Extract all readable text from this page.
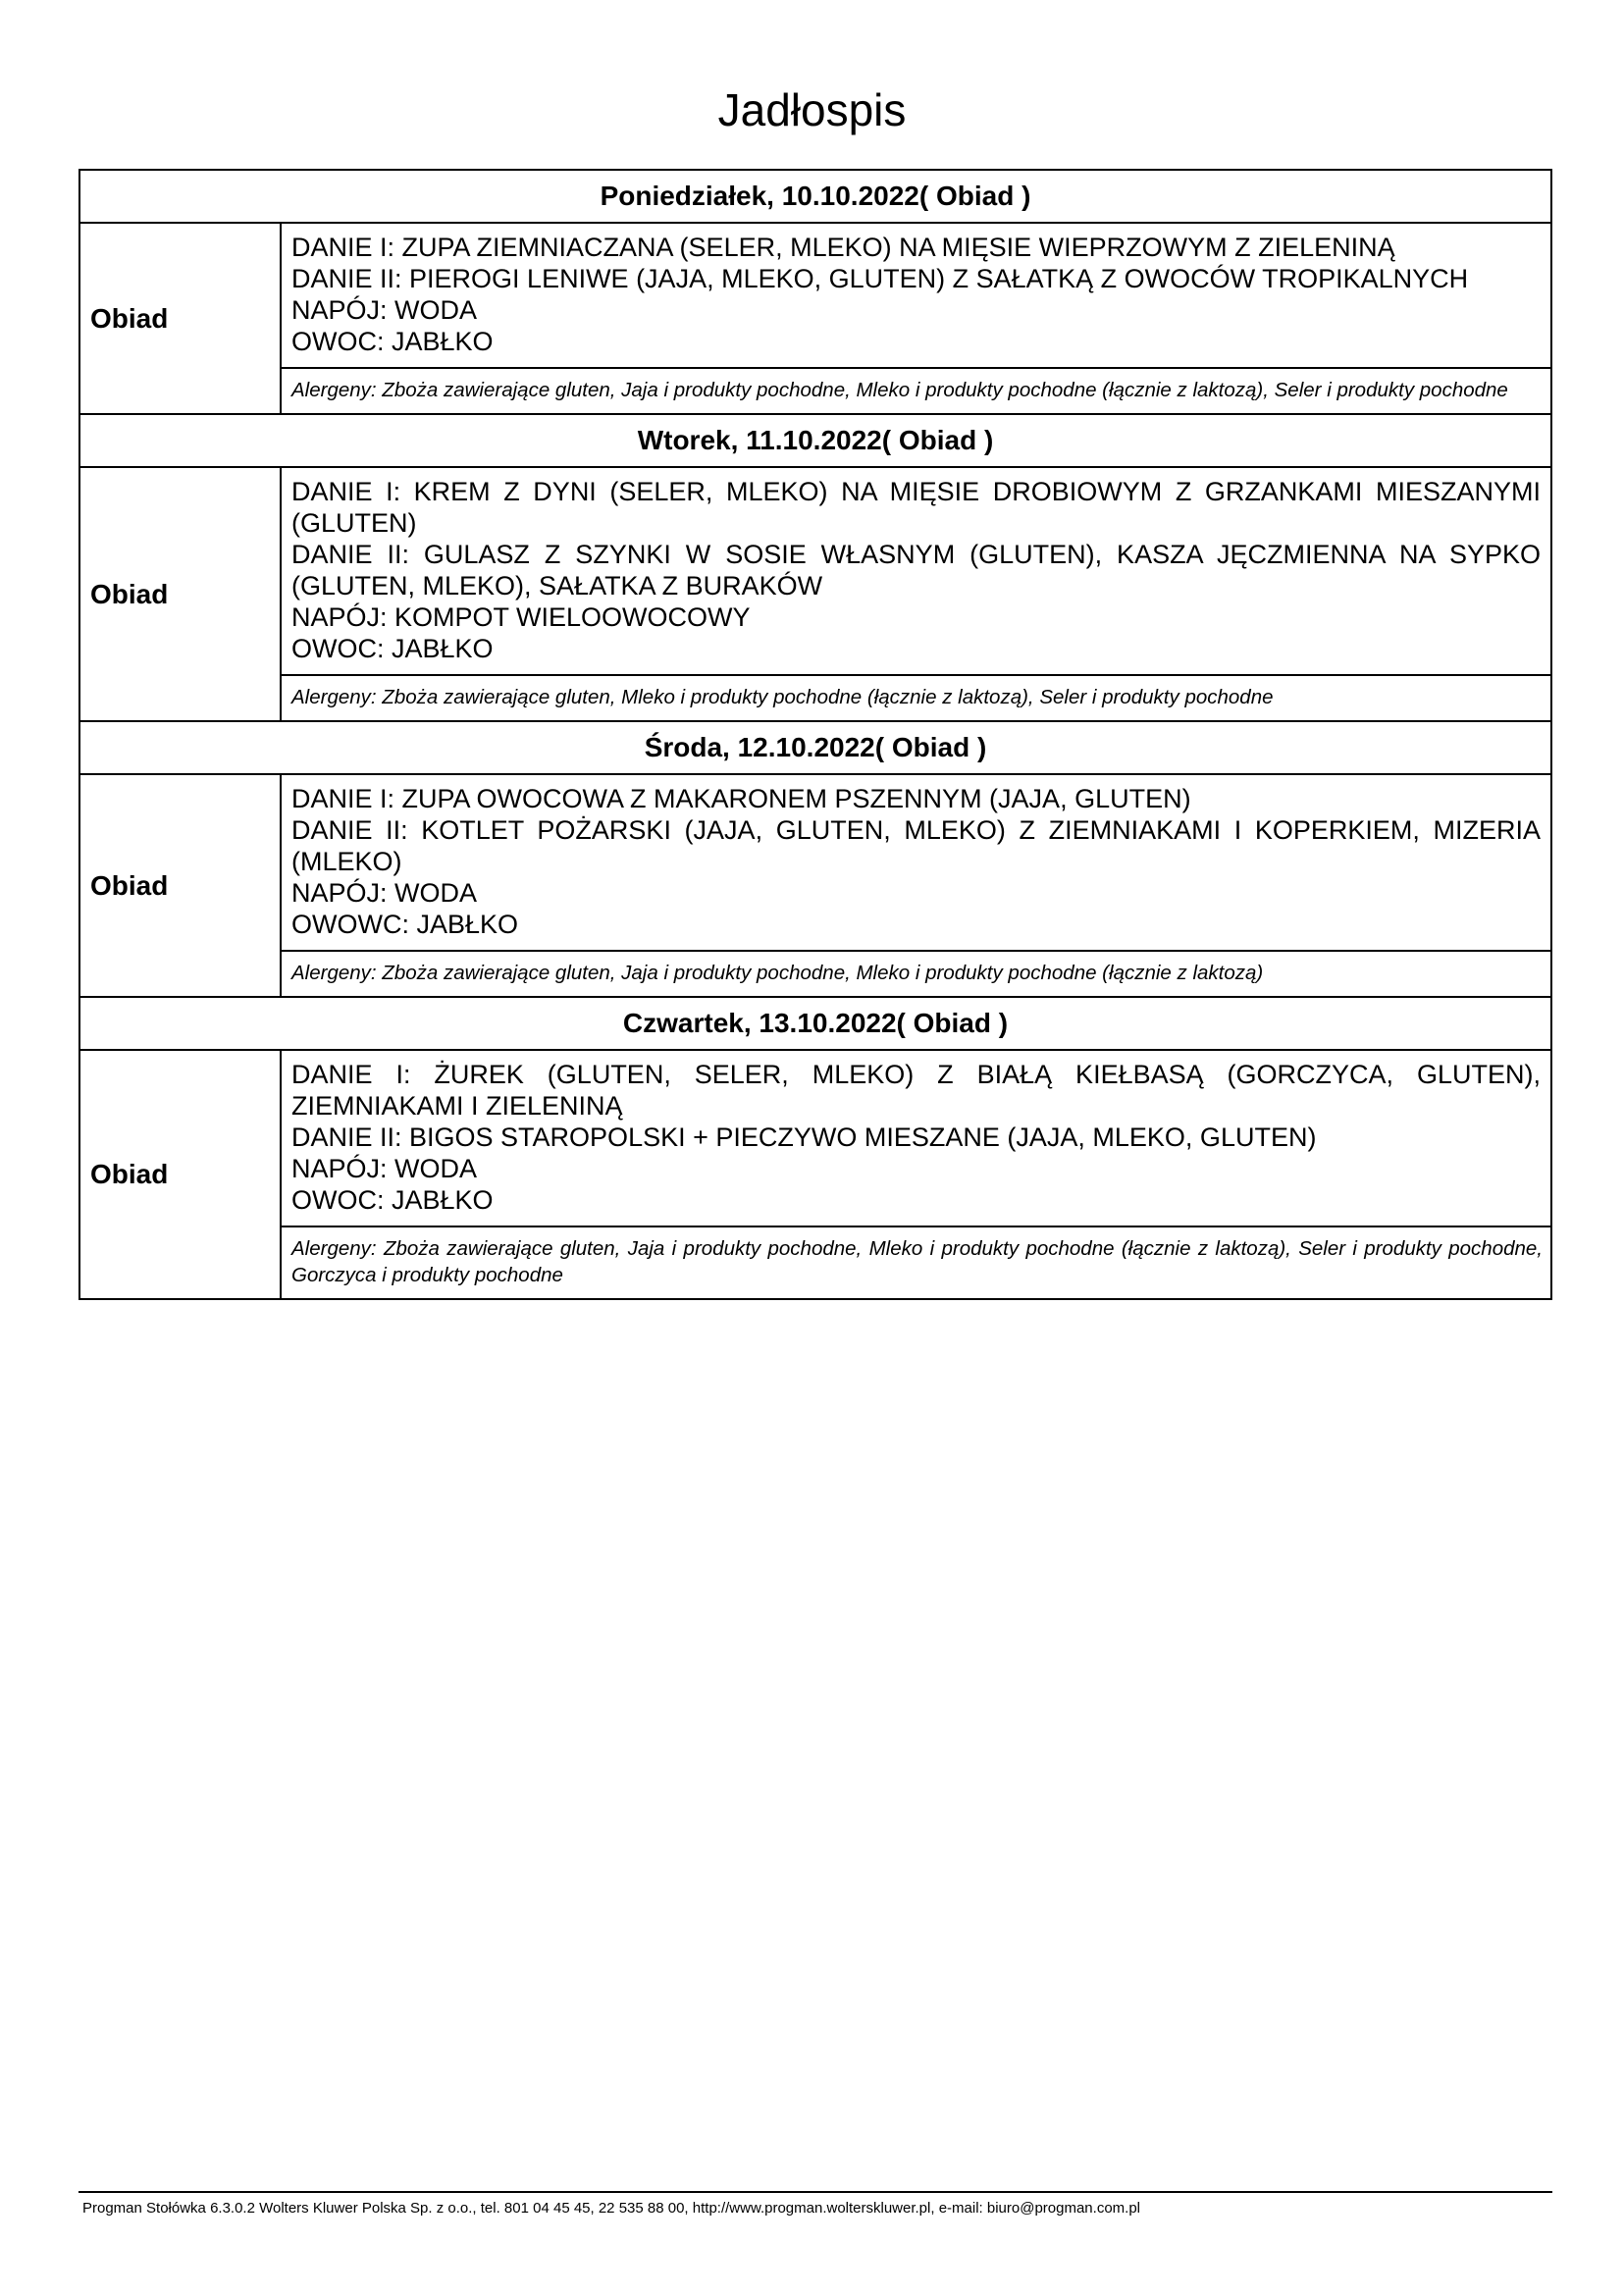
Jadłospis
Poniedziałek, 10.10.2022( Obiad )	
Obiad	DANIE I: ZUPA ZIEMNIACZANA (SELER, MLEKO) NA MIĘSIE WIEPRZOWYM Z ZIELENINĄ
DANIE II: PIEROGI LENIWE (JAJA, MLEKO, GLUTEN) Z SAŁATKĄ Z OWOCÓW TROPIKALNYCH
NAPÓJ: WODA
OWOC: JABŁKO
Alergeny: Zboża zawierające gluten, Jaja i produkty pochodne, Mleko i produkty pochodne (łącznie z laktozą), Seler i produkty pochodne

Wtorek, 11.10.2022( Obiad )	
Obiad	DANIE I: KREM Z DYNI (SELER, MLEKO) NA MIĘSIE DROBIOWYM Z GRZANKAMI MIESZANYMI (GLUTEN)
DANIE II: GULASZ Z SZYNKI W SOSIE WŁASNYM (GLUTEN), KASZA JĘCZMIENNA NA SYPKO (GLUTEN, MLEKO), SAŁATKA Z BURAKÓW
NAPÓJ: KOMPOT WIELOOWOCOWY
OWOC: JABŁKO
Alergeny: Zboża zawierające gluten, Mleko i produkty pochodne (łącznie z laktozą), Seler i produkty pochodne

Środa, 12.10.2022( Obiad )	
Obiad	DANIE I: ZUPA OWOCOWA Z MAKARONEM PSZENNYM (JAJA, GLUTEN)
DANIE II: KOTLET POŻARSKI (JAJA, GLUTEN, MLEKO) Z ZIEMNIAKAMI I KOPERKIEM, MIZERIA (MLEKO)
NAPÓJ: WODA
OWOWC: JABŁKO
Alergeny: Zboża zawierające gluten, Jaja i produkty pochodne, Mleko i produkty pochodne (łącznie z laktozą)

Czwartek, 13.10.2022( Obiad )	
Obiad	DANIE I: ŻUREK (GLUTEN, SELER, MLEKO) Z BIAŁĄ KIEŁBASĄ (GORCZYCA, GLUTEN), ZIEMNIAKAMI I ZIELENINĄ
DANIE II: BIGOS STAROPOLSKI + PIECZYWO MIESZANE (JAJA, MLEKO, GLUTEN)
NAPÓJ: WODA
OWOC: JABŁKO
Alergeny: Zboża zawierające gluten, Jaja i produkty pochodne, Mleko i produkty pochodne (łącznie z laktozą), Seler i produkty pochodne, Gorczyca i produkty pochodne
Progman Stołówka 6.3.0.2 Wolters Kluwer Polska Sp. z o.o., tel. 801 04 45 45, 22 535 88 00, http://www.progman.wolterskluwer.pl, e-mail: biuro@progman.com.pl
